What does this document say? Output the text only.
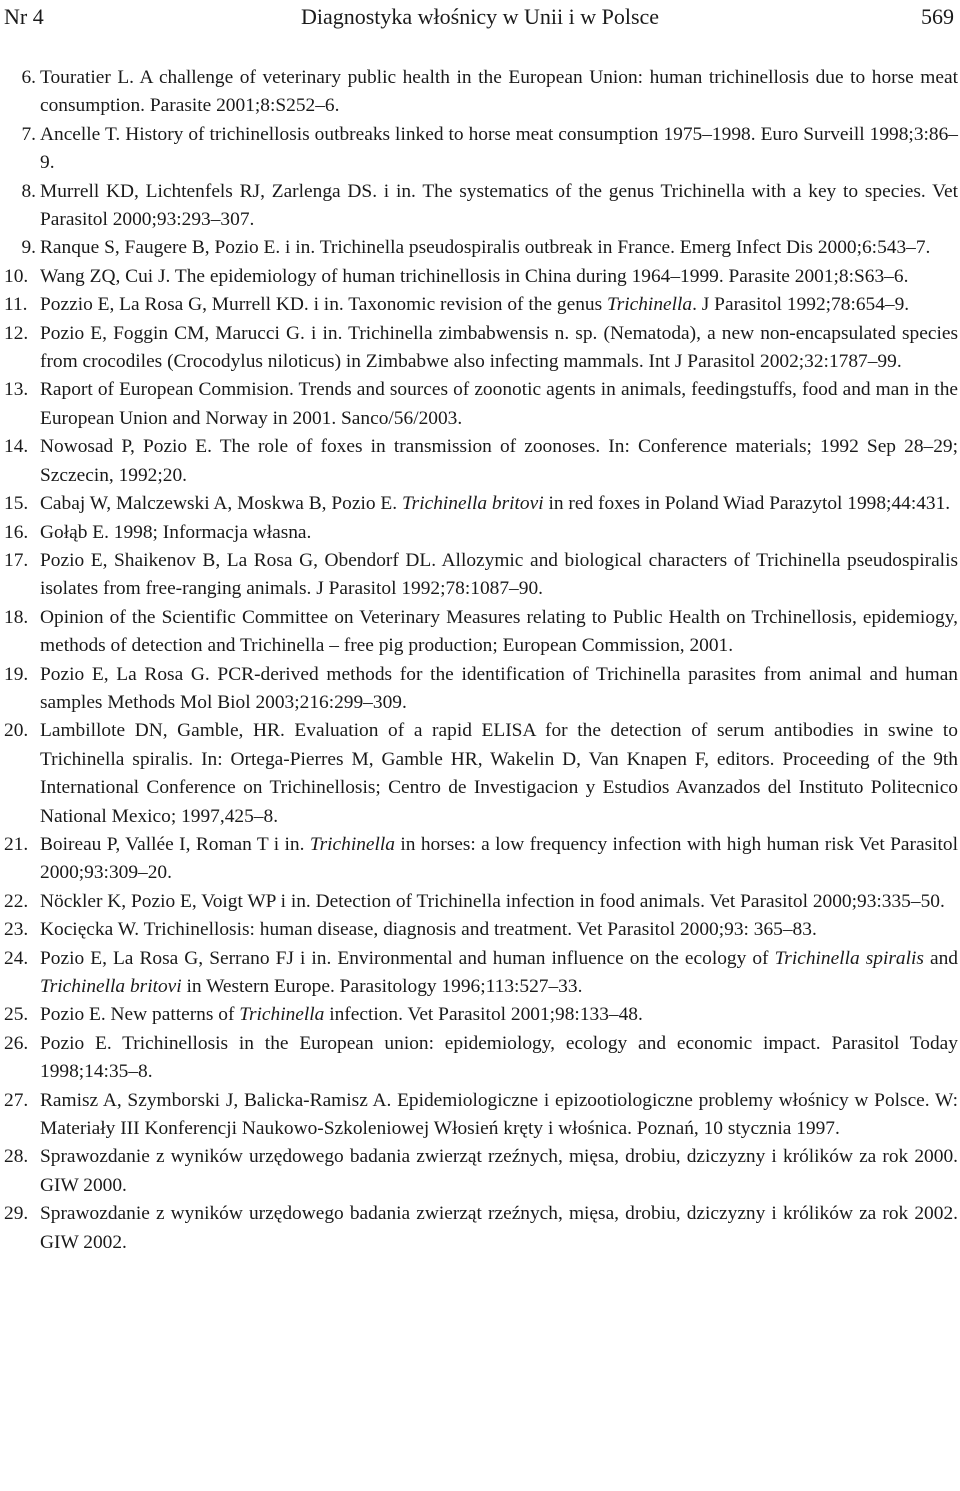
Nr 4	Diagnostyka włośnicy w Unii i w Polsce	569
6. Touratier L. A challenge of veterinary public health in the European Union: human trichinellosis due to horse meat consumption. Parasite 2001;8:S252–6.
7. Ancelle T. History of trichinellosis outbreaks linked to horse meat consumption 1975–1998. Euro Surveill 1998;3:86–9.
8. Murrell KD, Lichtenfels RJ, Zarlenga DS. i in. The systematics of the genus Trichinella with a key to species. Vet Parasitol 2000;93:293–307.
9. Ranque S, Faugere B, Pozio E. i in. Trichinella pseudospiralis outbreak in France. Emerg Infect Dis 2000;6:543–7.
10. Wang ZQ, Cui J. The epidemiology of human trichinellosis in China during 1964–1999. Parasite 2001;8:S63–6.
11. Pozzio E, La Rosa G, Murrell KD. i in. Taxonomic revision of the genus Trichinella. J Parasitol 1992;78:654–9.
12. Pozio E, Foggin CM, Marucci G. i in. Trichinella zimbabwensis n. sp. (Nematoda), a new non-encapsulated species from crocodiles (Crocodylus niloticus) in Zimbabwe also infecting mammals. Int J Parasitol 2002;32:1787–99.
13. Raport of European Commision. Trends and sources of zoonotic agents in animals, feedingstuffs, food and man in the European Union and Norway in 2001. Sanco/56/2003.
14. Nowosad P, Pozio E. The role of foxes in transmission of zoonoses. In: Conference materials; 1992 Sep 28–29; Szczecin, 1992;20.
15. Cabaj W, Malczewski A, Moskwa B, Pozio E. Trichinella britovi in red foxes in Poland Wiad Parazytol 1998;44:431.
16. Gołąb E. 1998; Informacja własna.
17. Pozio E, Shaikenov B, La Rosa G, Obendorf DL. Allozymic and biological characters of Trichinella pseudospiralis isolates from free-ranging animals. J Parasitol 1992;78:1087–90.
18. Opinion of the Scientific Committee on Veterinary Measures relating to Public Health on Trchinellosis, epidemiogy, methods of detection and Trichinella – free pig production; European Commission, 2001.
19. Pozio E, La Rosa G. PCR-derived methods for the identification of Trichinella parasites from animal and human samples Methods Mol Biol 2003;216:299–309.
20. Lambillote DN, Gamble, HR. Evaluation of a rapid ELISA for the detection of serum antibodies in swine to Trichinella spiralis. In: Ortega-Pierres M, Gamble HR, Wakelin D, Van Knapen F, editors. Proceeding of the 9th International Conference on Trichinellosis; Centro de Investigacion y Estudios Avanzados del Instituto Politecnico National Mexico; 1997,425–8.
21. Boireau P, Vallée I, Roman T i in. Trichinella in horses: a low frequency infection with high human risk Vet Parasitol 2000;93:309–20.
22. Nöckler K, Pozio E, Voigt WP i in. Detection of Trichinella infection in food animals. Vet Parasitol 2000;93:335–50.
23. Kocięcka W. Trichinellosis: human disease, diagnosis and treatment. Vet Parasitol 2000;93: 365–83.
24. Pozio E, La Rosa G, Serrano FJ i in. Environmental and human influence on the ecology of Trichinella spiralis and Trichinella britovi in Western Europe. Parasitology 1996;113:527–33.
25. Pozio E. New patterns of Trichinella infection. Vet Parasitol 2001;98:133–48.
26. Pozio E. Trichinellosis in the European union: epidemiology, ecology and economic impact. Parasitol Today 1998;14:35–8.
27. Ramisz A, Szymborski J, Balicka-Ramisz A. Epidemiologiczne i epizootiologiczne problemy włośnicy w Polsce. W: Materiały III Konferencji Naukowo-Szkoleniowej Włosień kręty i włośnica. Poznań, 10 stycznia 1997.
28. Sprawozdanie z wyników urzędowego badania zwierząt rzeźnych, mięsa, drobiu, dziczyzny i królików za rok 2000. GIW 2000.
29. Sprawozdanie z wyników urzędowego badania zwierząt rzeźnych, mięsa, drobiu, dziczyzny i królików za rok 2002. GIW 2002.
